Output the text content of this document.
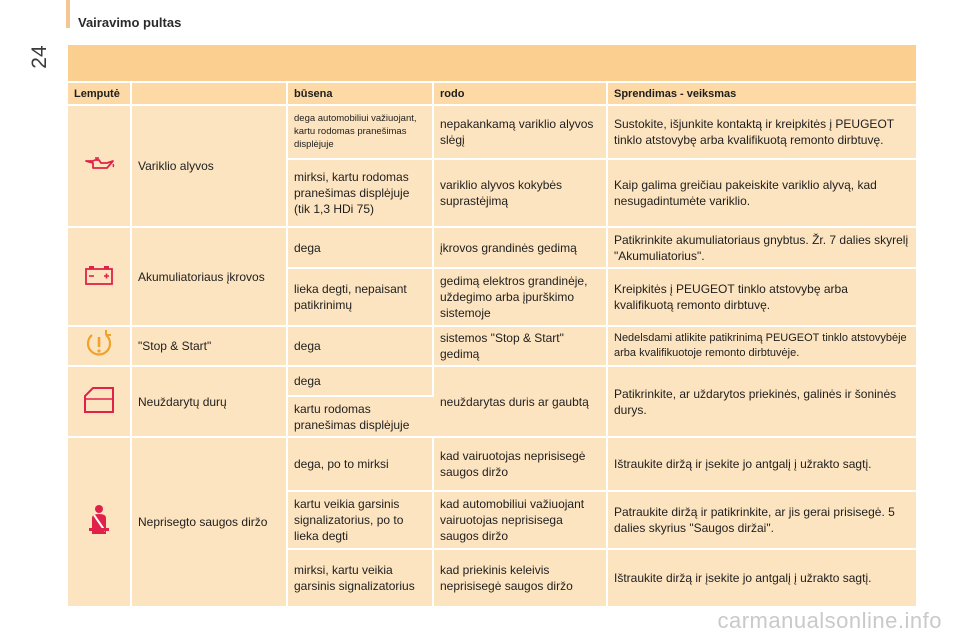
24
Vairavimo pultas
Lemputė		būsena	rodo	Sprendimas - veiksmas
	Variklio alyvos	dega automobiliui važiuojant, kartu rodomas pranešimas displėjuje	nepakankamą variklio alyvos slėgį	Sustokite, išjunkite kontaktą ir kreipkitės į PEUGEOT tinklo atstovybę arba kvalifikuotą remonto dirbtuvę.
		mirksi, kartu rodomas pranešimas displėjuje (tik 1,3 HDi 75)	variklio alyvos kokybės suprastėjimą	Kaip galima greičiau pakeiskite variklio alyvą, kad nesugadintumėte variklio.
	Akumuliatoriaus įkrovos	dega	įkrovos grandinės gedimą	Patikrinkite akumuliatoriaus gnybtus. Žr. 7 dalies skyrelį "Akumuliatorius".
		lieka degti, nepaisant patikrinimų	gedimą elektros grandinėje, uždegimo arba įpurškimo sistemoje	Kreipkitės į PEUGEOT tinklo atstovybę arba kvalifikuotą remonto dirbtuvę.
	"Stop & Start"	dega	sistemos "Stop & Start" gedimą	Nedelsdami atlikite patikrinimą PEUGEOT tinklo atstovybėje arba kvalifikuotoje remonto dirbtuvėje.
	Neuždarytų durų	dega	neuždarytas duris ar gaubtą	Patikrinkite, ar uždarytos priekinės, galinės ir šoninės durys.
		kartu rodomas pranešimas displėjuje		
	Neprisegto saugos diržo	dega, po to mirksi	kad vairuotojas neprisisegė saugos diržo	Ištraukite diržą ir įsekite jo antgalį į užrakto sagtį.
		kartu veikia garsinis signalizatorius, po to lieka degti	kad automobiliui važiuojant vairuotojas neprisisega saugos diržo	Patraukite diržą ir patikrinkite, ar jis gerai prisisegė. 5 dalies skyrius "Saugos diržai".
		mirksi, kartu veikia garsinis signalizatorius	kad priekinis keleivis neprisisegė saugos diržo	Ištraukite diržą ir įsekite jo antgalį į užrakto sagtį.
carmanualsonline.info
